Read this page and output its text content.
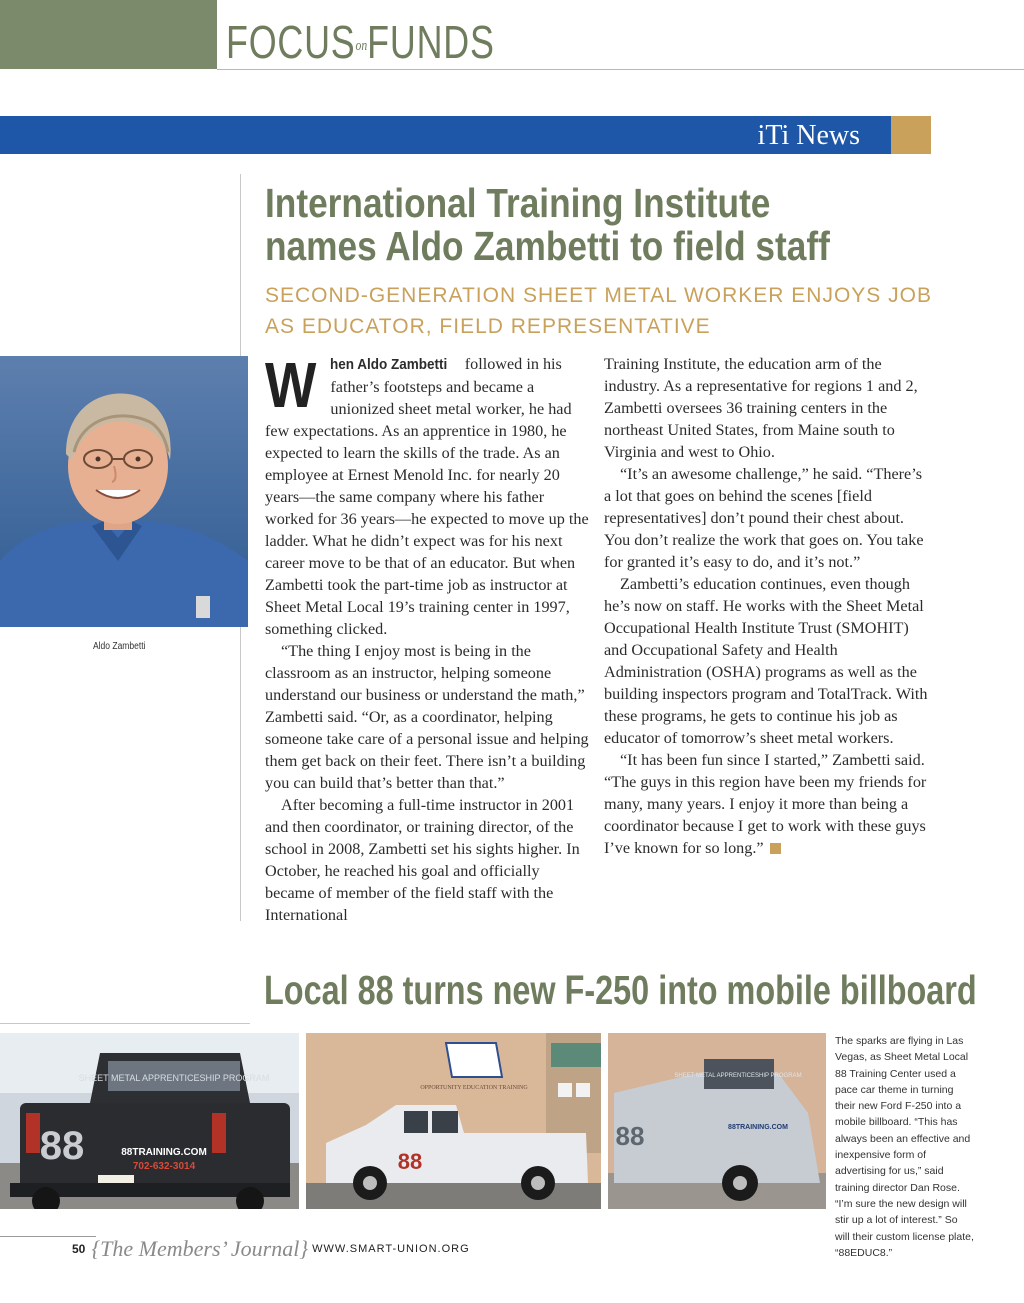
FOCUSonFUNDS
iTi News
International Training Institute names Aldo Zambetti to field staff
SECOND-GENERATION SHEET METAL WORKER ENJOYS JOB AS EDUCATOR, FIELD REPRESENTATIVE
Aldo Zambetti

W hen Aldo Zambetti followed in his father’s footsteps and became a unionized sheet metal worker, he had few expectations. As an apprentice in 1980, he expected to learn the skills of the trade. As an employee at Ernest Menold Inc. for nearly 20 years—the same company where his father worked for 36 years—he expected to move up the ladder. What he didn’t expect was for his next career move to be that of an educator. But when Zambetti took the part-time job as instructor at Sheet Metal Local 19’s training center in 1997, something clicked.

“The thing I enjoy most is being in the classroom as an instructor, helping someone understand our business or understand the math,” Zambetti said. “Or, as a coordinator, helping someone take care of a personal issue and helping them get back on their feet. There isn’t a building you can build that’s better than that.”

After becoming a full-time instructor in 2001 and then coordinator, or training director, of the school in 2008, Zambetti set his sights higher. In October, he reached his goal and officially became of member of the field staff with the International

Training Institute, the education arm of the industry. As a representative for regions 1 and 2, Zambetti oversees 36 training centers in the northeast United States, from Maine south to Virginia and west to Ohio.

“It’s an awesome challenge,” he said. “There’s a lot that goes on behind the scenes [field representatives] don’t pound their chest about. You don’t realize the work that goes on. You take for granted it’s easy to do, and it’s not.”

Zambetti’s education continues, even though he’s now on staff. He works with the Sheet Metal Occupational Health Institute Trust (SMOHIT) and Occupational Safety and Health Administration (OSHA) programs as well as the building inspectors program and TotalTrack. With these programs, he gets to continue his job as educator of tomorrow’s sheet metal workers.

“It has been fun since I started,” Zambetti said. “The guys in this region have been my friends for many, many years. I enjoy it more than being a coordinator because I get to work with these guys I’ve known for so long.”

Local 88 turns new F-250 into mobile billboard
SHEET METAL APPRENTICESHIP PROGRAM
88	88TRAINING.COM
702-632-3014
OPPORTUNITY EDUCATION TRAINING
88
SHEET METAL APPRENTICESHIP PROGRAM
88	88TRAINING.COM
The sparks are flying in Las Vegas, as Sheet Metal Local 88 Training Center used a pace car theme in turning their new Ford F-250 into a mobile billboard. “This has always been an effective and inexpensive form of advertising for us,” said training director Dan Rose. “I’m sure the new design will stir up a lot of interest.” So will their custom license plate, “88EDUC8.”
50 {The Members’ Journal} WWW.SMART-UNION.ORG
